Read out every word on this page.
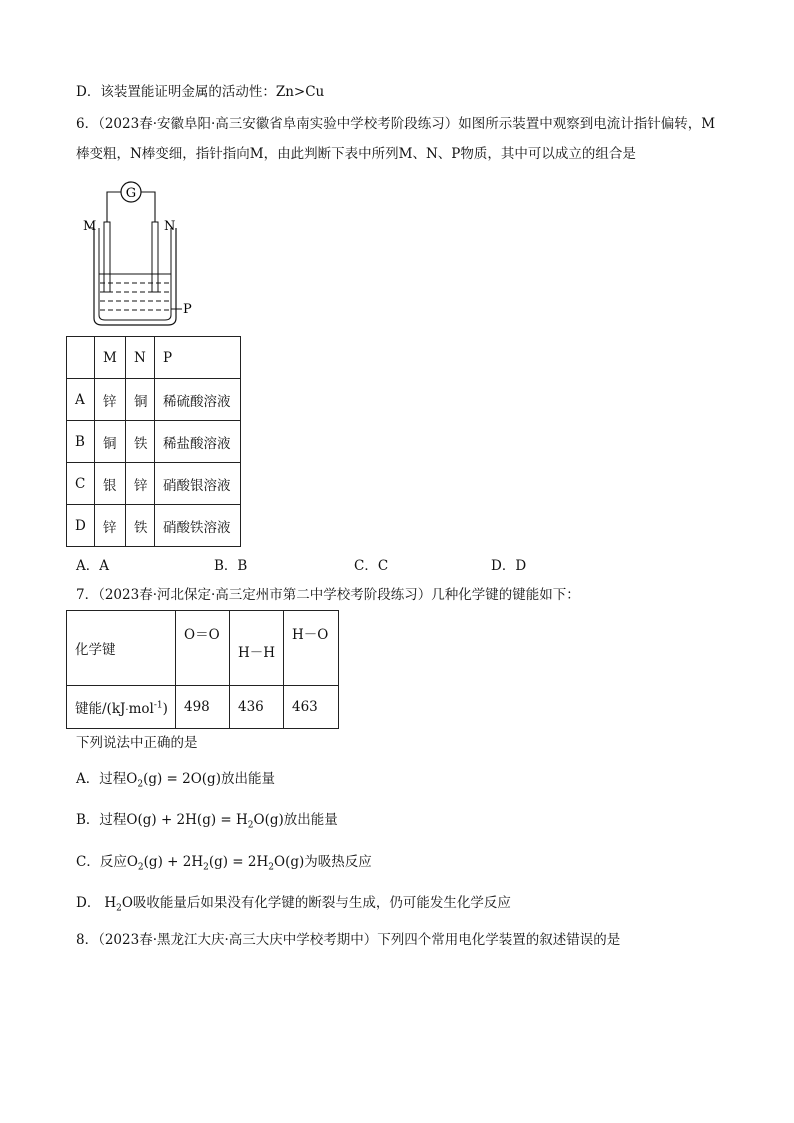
D．该装置能证明金属的活动性：Zn>Cu
6．（2023春·安徽阜阳·高三安徽省阜南实验中学校考阶段练习）如图所示装置中观察到电流计指针偏转，M
棒变粗，N棒变细，指针指向M，由此判断下表中所列M、N、P物质，其中可以成立的组合是
G
M	N
P
	M	N	P
A	锌	铜	稀硫酸溶液
B	铜	铁	稀盐酸溶液
C	银	锌	硝酸银溶液
D	锌	铁	硝酸铁溶液
A．A	B．B	C．C	D．D
7．（2023春·河北保定·高三定州市第二中学校考阶段练习）几种化学键的键能如下：
化学键	O＝O	H－H	H－O
键能/(kJ·mol$^{-1}$)	498	436	463
下列说法中正确的是
A．过程$O_2(g) = 2O(g)$放出能量
B．过程$O(g) + 2H(g) = H_2O(g)$放出能量
C．反应$O_2(g) + 2H_2(g) = 2H_2O(g)$为吸热反应
D． $H_2O$吸收能量后如果没有化学键的断裂与生成，仍可能发生化学反应
8．（2023春·黑龙江大庆·高三大庆中学校考期中）下列四个常用电化学装置的叙述错误的是
